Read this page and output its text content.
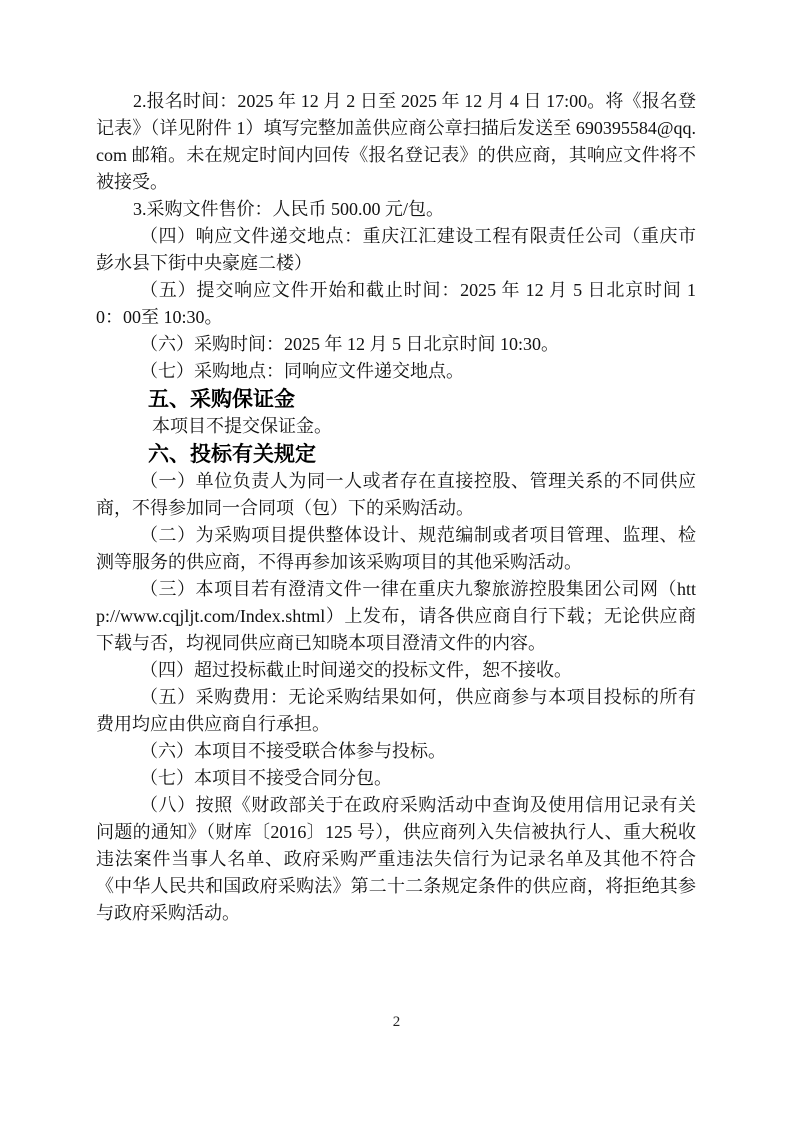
2.报名时间：2025 年 12 月 2 日至 2025 年 12 月 4 日 17:00。将《报名登记表》（详见附件 1）填写完整加盖供应商公章扫描后发送至 690395584@qq.com 邮箱。未在规定时间内回传《报名登记表》的供应商，其响应文件将不被接受。

3.采购文件售价：人民币 500.00 元/包。

（四）响应文件递交地点：重庆江汇建设工程有限责任公司（重庆市彭水县下街中央豪庭二楼）

（五）提交响应文件开始和截止时间：2025 年 12 月 5 日北京时间 10：00至 10:30。

（六）采购时间：2025 年 12 月 5 日北京时间 10:30。

（七）采购地点：同响应文件递交地点。

五、采购保证金

本项目不提交保证金。

六、投标有关规定

（一）单位负责人为同一人或者存在直接控股、管理关系的不同供应商，不得参加同一合同项（包）下的采购活动。

（二）为采购项目提供整体设计、规范编制或者项目管理、监理、检测等服务的供应商，不得再参加该采购项目的其他采购活动。

（三）本项目若有澄清文件一律在重庆九黎旅游控股集团公司网（http://www.cqjljt.com/Index.shtml）上发布，请各供应商自行下载；无论供应商下载与否，均视同供应商已知晓本项目澄清文件的内容。

（四）超过投标截止时间递交的投标文件，恕不接收。

（五）采购费用：无论采购结果如何，供应商参与本项目投标的所有费用均应由供应商自行承担。

（六）本项目不接受联合体参与投标。

（七）本项目不接受合同分包。

（八）按照《财政部关于在政府采购活动中查询及使用信用记录有关问题的通知》（财库〔2016〕125 号），供应商列入失信被执行人、重大税收违法案件当事人名单、政府采购严重违法失信行为记录名单及其他不符合《中华人民共和国政府采购法》第二十二条规定条件的供应商，将拒绝其参与政府采购活动。

2
